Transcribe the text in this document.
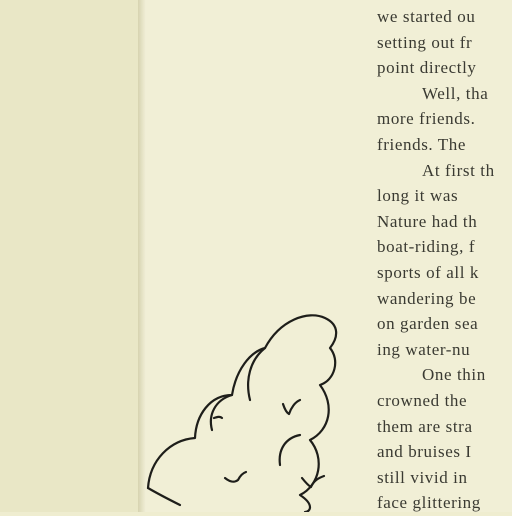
we started ou
setting out fr
point directly
Well, tha
more friends.
friends. The
At first th
long it was
Nature had th
boat-riding, f
sports of all k
wandering be
on garden sea
ing water-nu
One thin
crowned the
them are stra
and bruises I
still vivid in
face glittering
